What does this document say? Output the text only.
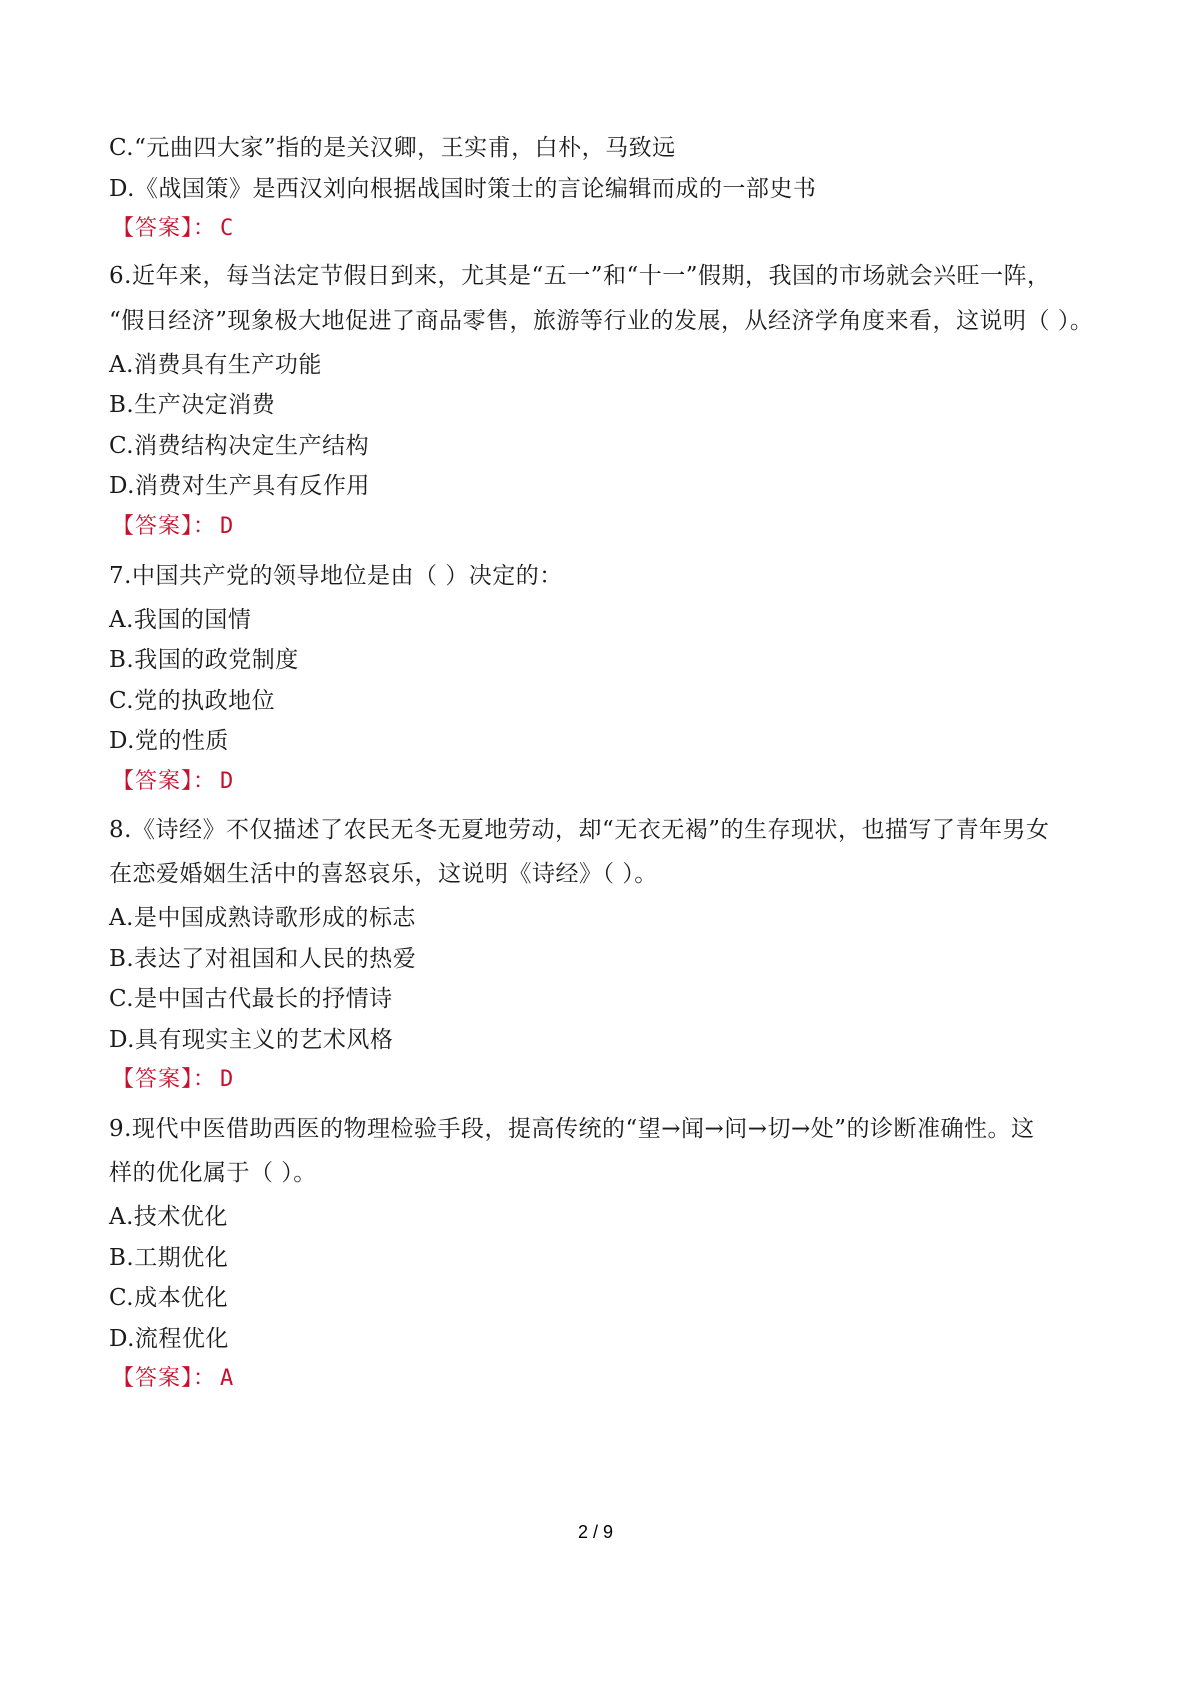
C.“元曲四大家”指的是关汉卿，王实甫，白朴，马致远

D.《战国策》是西汉刘向根据战国时策士的言论编辑而成的一部史书

【答案】： C

6.近年来，每当法定节假日到来，尤其是“五一”和“十一”假期，我国的市场就会兴旺一阵，

“假日经济”现象极大地促进了商品零售，旅游等行业的发展，从经济学角度来看，这说明（ ）。

A.消费具有生产功能

B.生产决定消费

C.消费结构决定生产结构

D.消费对生产具有反作用

【答案】： D

7.中国共产党的领导地位是由（ ）决定的：

A.我国的国情

B.我国的政党制度

C.党的执政地位

D.党的性质

【答案】： D

8.《诗经》不仅描述了农民无冬无夏地劳动，却“无衣无褐”的生存现状，也描写了青年男女

在恋爱婚姻生活中的喜怒哀乐，这说明《诗经》（ ）。

A.是中国成熟诗歌形成的标志

B.表达了对祖国和人民的热爱

C.是中国古代最长的抒情诗

D.具有现实主义的艺术风格

【答案】： D

9.现代中医借助西医的物理检验手段，提高传统的“望→闻→问→切→处”的诊断准确性。这

样的优化属于（ ）。

A.技术优化

B.工期优化

C.成本优化

D.流程优化

【答案】： A

2 / 9
